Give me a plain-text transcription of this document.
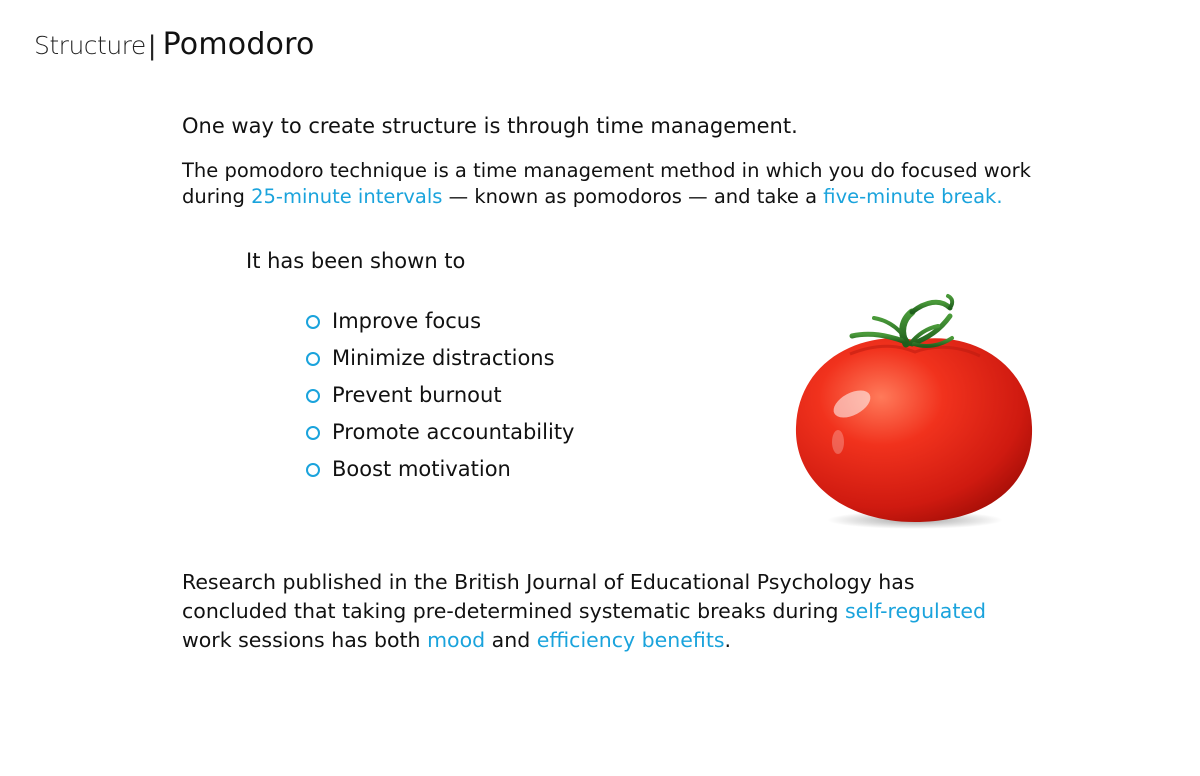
Structure| Pomodoro

One way to create structure is through time management.

The pomodoro technique is a time management method in which you do focused work during 25-minute intervals — known as pomodoros — and take a five-minute break.

It has been shown to

Improve focus
Minimize distractions
Prevent burnout
Promote accountability
Boost motivation

Research published in the British Journal of Educational Psychology has concluded that taking pre-determined systematic breaks during self-regulated work sessions has both mood and efficiency benefits.
